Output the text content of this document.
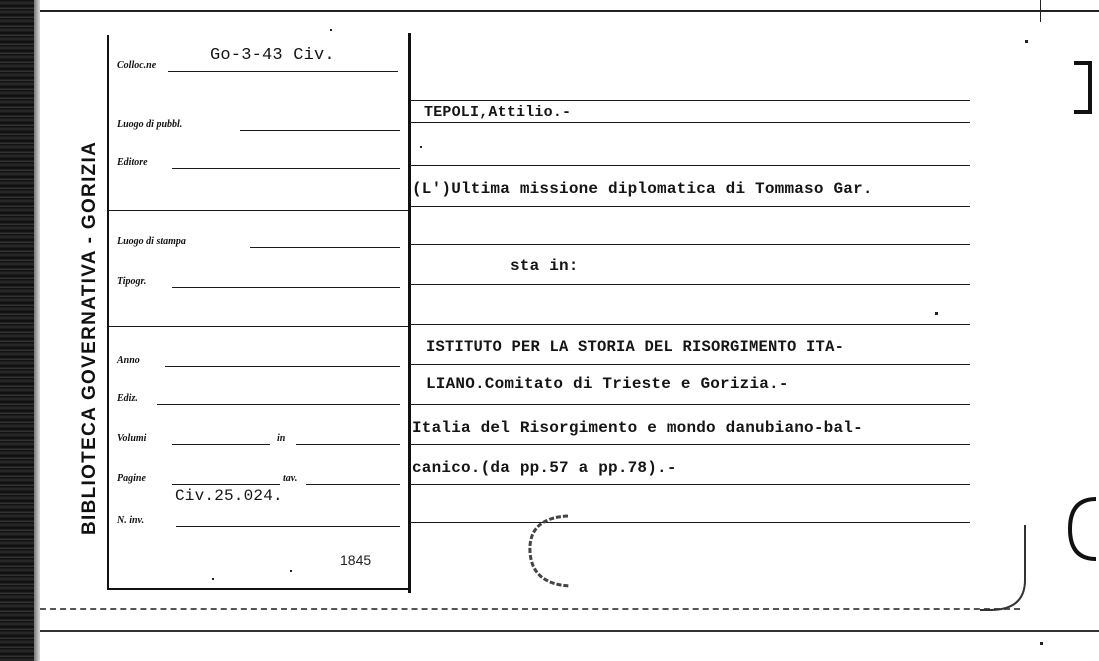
BIBLIOTECA GOVERNATIVA - GORIZIA
Colloc.ne
Go-3-43 Civ.
Luogo di pubbl.
Editore
Luogo di stampa
Tipogr.
Anno
Ediz.
Volumi	in
Pagine	tav.
Civ.25.024.
N. inv.
1845
TEPOLI,Attilio.-
(L')Ultima missione diplomatica di Tommaso Gar.
sta in:
ISTITUTO PER LA STORIA DEL RISORGIMENTO ITA-
LIANO.Comitato di Trieste e Gorizia.-
Italia del Risorgimento e mondo danubiano-bal-
canico.(da pp.57 a pp.78).-
